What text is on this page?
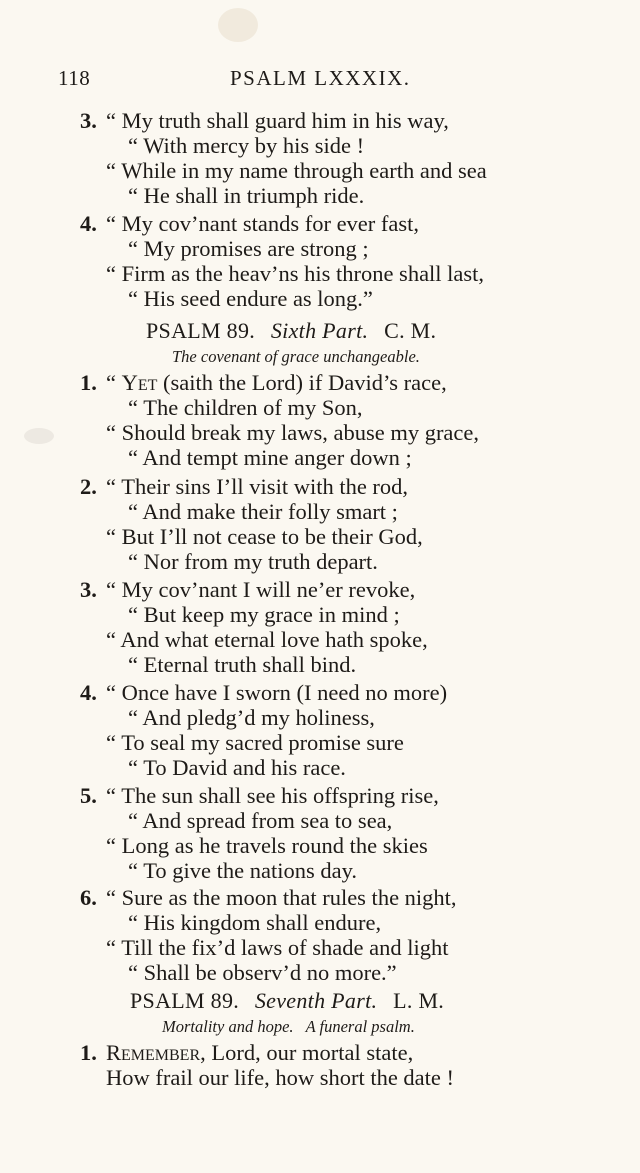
118	PSALM LXXXIX.
3. “ My truth shall guard him in his way,
“ With mercy by his side !
“ While in my name through earth and sea
“ He shall in triumph ride.
4. “ My cov’nant stands for ever fast,
“ My promises are strong ;
“ Firm as the heav’ns his throne shall last,
“ His seed endure as long.”
PSALM 89. Sixth Part. C. M.
The covenant of grace unchangeable.
1. “ Yet (saith the Lord) if David’s race,
“ The children of my Son,
“ Should break my laws, abuse my grace,
“ And tempt mine anger down ;
2. “ Their sins I’ll visit with the rod,
“ And make their folly smart ;
“ But I’ll not cease to be their God,
“ Nor from my truth depart.
3. “ My cov’nant I will ne’er revoke,
“ But keep my grace in mind ;
“ And what eternal love hath spoke,
“ Eternal truth shall bind.
4. “ Once have I sworn (I need no more)
“ And pledg’d my holiness,
“ To seal my sacred promise sure
“ To David and his race.
5. “ The sun shall see his offspring rise,
“ And spread from sea to sea,
“ Long as he travels round the skies
“ To give the nations day.
6. “ Sure as the moon that rules the night,
“ His kingdom shall endure,
“ Till the fix’d laws of shade and light
“ Shall be observ’d no more.”
PSALM 89. Seventh Part. L. M.
Mortality and hope.   A funeral psalm.
1. Remember, Lord, our mortal state,
How frail our life, how short the date !
